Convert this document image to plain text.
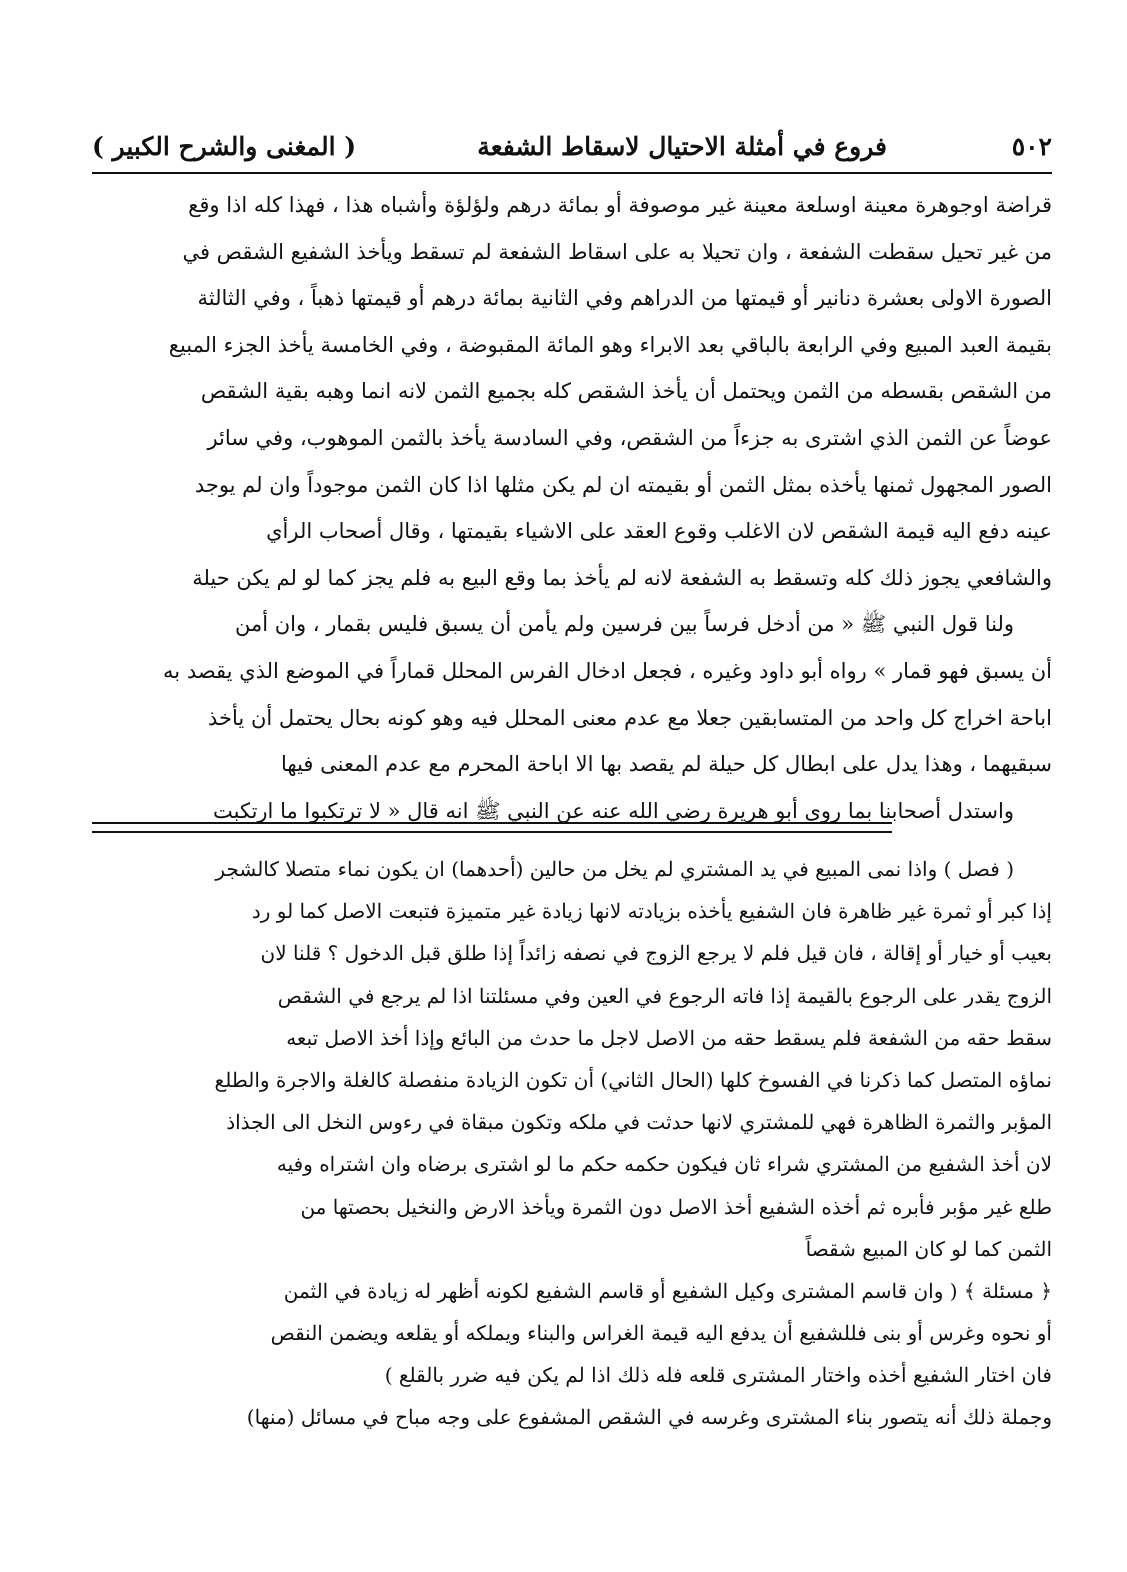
٥٠٢
فروع في أمثلة الاحتيال لاسقاط الشفعة
( المغنى والشرح الكبير )
قراضة اوجوهرة معينة اوسلعة معينة غير موصوفة أو بمائة درهم ولؤلؤة وأشباه هذا ، فهذا كله اذا وقع
من غير تحيل سقطت الشفعة ، وان تحيلا به على اسقاط الشفعة لم تسقط ويأخذ الشفيع الشقص في
الصورة الاولى بعشرة دنانير أو قيمتها من الدراهم وفي الثانية بمائة درهم أو قيمتها ذهباً ، وفي الثالثة
بقيمة العبد المبيع وفي الرابعة بالباقي بعد الابراء وهو المائة المقبوضة ، وفي الخامسة يأخذ الجزء المبيع
من الشقص بقسطه من الثمن ويحتمل أن يأخذ الشقص كله بجميع الثمن لانه انما وهبه بقية الشقص
عوضاً عن الثمن الذي اشترى به جزءاً من الشقص، وفي السادسة يأخذ بالثمن الموهوب، وفي سائر
الصور المجهول ثمنها يأخذه بمثل الثمن أو بقيمته ان لم يكن مثلها اذا كان الثمن موجوداً وان لم يوجد
عينه دفع اليه قيمة الشقص لان الاغلب وقوع العقد على الاشياء بقيمتها ، وقال أصحاب الرأي
والشافعي يجوز ذلك كله وتسقط به الشفعة لانه لم يأخذ بما وقع البيع به فلم يجز كما لو لم يكن حيلة
ولنا قول النبي ﷺ « من أدخل فرساً بين فرسين ولم يأمن أن يسبق فليس بقمار ، وان أمن
أن يسبق فهو قمار » رواه أبو داود وغيره ، فجعل ادخال الفرس المحلل قماراً في الموضع الذي يقصد به
اباحة اخراج كل واحد من المتسابقين جعلا مع عدم معنى المحلل فيه وهو كونه بحال يحتمل أن يأخذ
سبقيهما ، وهذا يدل على ابطال كل حيلة لم يقصد بها الا اباحة المحرم مع عدم المعنى فيها
واستدل أصحابنا بما روى أبو هريرة رضي الله عنه عن النبي ﷺ انه قال « لا ترتكبوا ما ارتكبت
( فصل ) واذا نمى المبيع في يد المشتري لم يخل من حالين (أحدهما) ان يكون نماء متصلا كالشجر
إذا كبر أو ثمرة غير ظاهرة فان الشفيع يأخذه بزيادته لانها زيادة غير متميزة فتبعت الاصل كما لو رد
بعيب أو خيار أو إقالة ، فان قيل فلم لا يرجع الزوج في نصفه زائداً إذا طلق قبل الدخول ؟ قلنا لان
الزوج يقدر على الرجوع بالقيمة إذا فاته الرجوع في العين وفي مسئلتنا اذا لم يرجع في الشقص
سقط حقه من الشفعة فلم يسقط حقه من الاصل لاجل ما حدث من البائع وإذا أخذ الاصل تبعه
نماؤه المتصل كما ذكرنا في الفسوخ كلها (الحال الثاني) أن تكون الزيادة منفصلة كالغلة والاجرة والطلع
المؤبر والثمرة الظاهرة فهي للمشتري لانها حدثت في ملكه وتكون مبقاة في رءوس النخل الى الجذاذ
لان أخذ الشفيع من المشتري شراء ثان فيكون حكمه حكم ما لو اشترى برضاه وان اشتراه وفيه
طلع غير مؤبر فأبره ثم أخذه الشفيع أخذ الاصل دون الثمرة ويأخذ الارض والنخيل بحصتها من
الثمن كما لو كان المبيع شقصاً
﴿ مسئلة ﴾ ( وان قاسم المشترى وكيل الشفيع أو قاسم الشفيع لكونه أظهر له زيادة في الثمن
أو نحوه وغرس أو بنى فللشفيع أن يدفع اليه قيمة الغراس والبناء ويملكه أو يقلعه ويضمن النقص
فان اختار الشفيع أخذه واختار المشترى قلعه فله ذلك اذا لم يكن فيه ضرر بالقلع )
وجملة ذلك أنه يتصور بناء المشترى وغرسه في الشقص المشفوع على وجه مباح في مسائل (منها)
